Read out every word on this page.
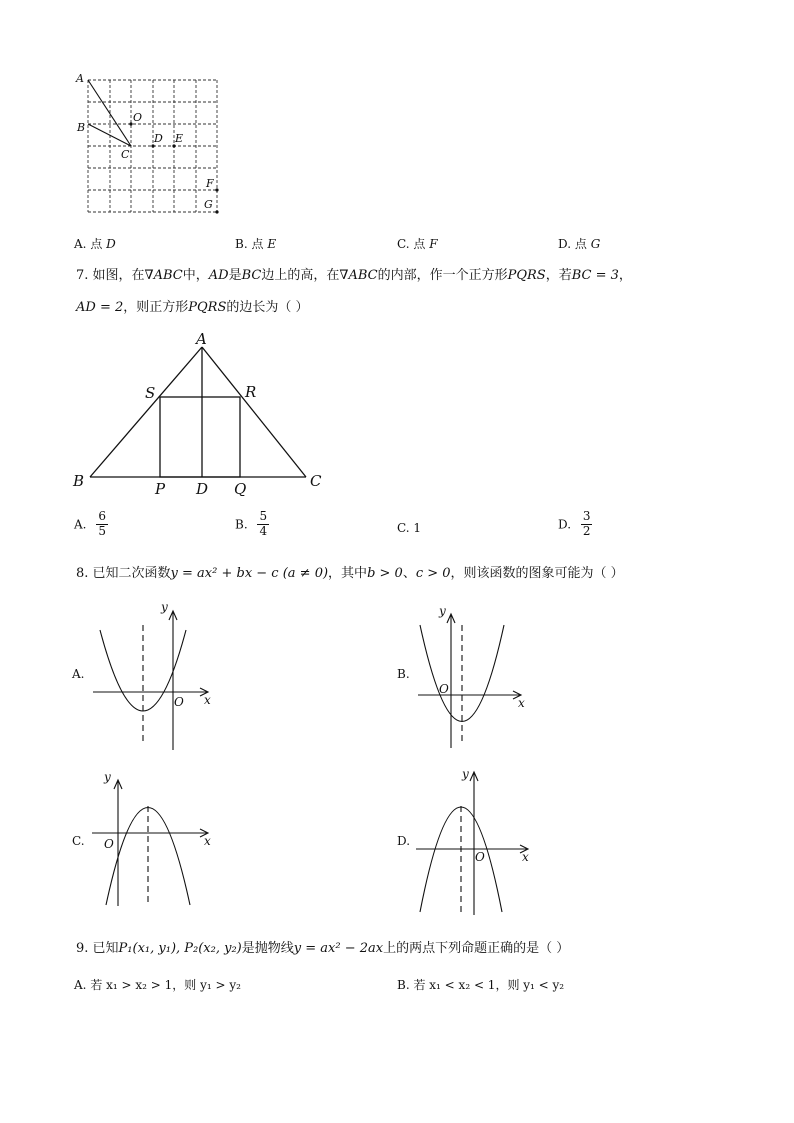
A
B
O
D E
C
F
G
A. 点 D	B. 点 E	C. 点 F	D. 点 G
7. 如图，在∇ABC中，AD是BC边上的高，在∇ABC的内部，作一个正方形PQRS，若BC = 3，
AD = 2，则正方形PQRS的边长为（ ）
A
S	R
B	P D Q	C
A. $\frac{6}{5}$	B. $\frac{5}{4}$	C. 1	D. $\frac{3}{2}$
8. 已知二次函数y = ax² + bx − c (a ≠ 0)，其中b > 0、c > 0，则该函数的图象可能为（ ）
A.
x
y
O
B.
x
y
O
C.	x
y
O	D.
x
y
O
9. 已知P₁(x₁, y₁), P₂(x₂, y₂)是抛物线y = ax² − 2ax上的两点下列命题正确的是（ ）
A. 若 x₁ > x₂ > 1，则 y₁ > y₂	B. 若 x₁ < x₂ < 1，则 y₁ < y₂
